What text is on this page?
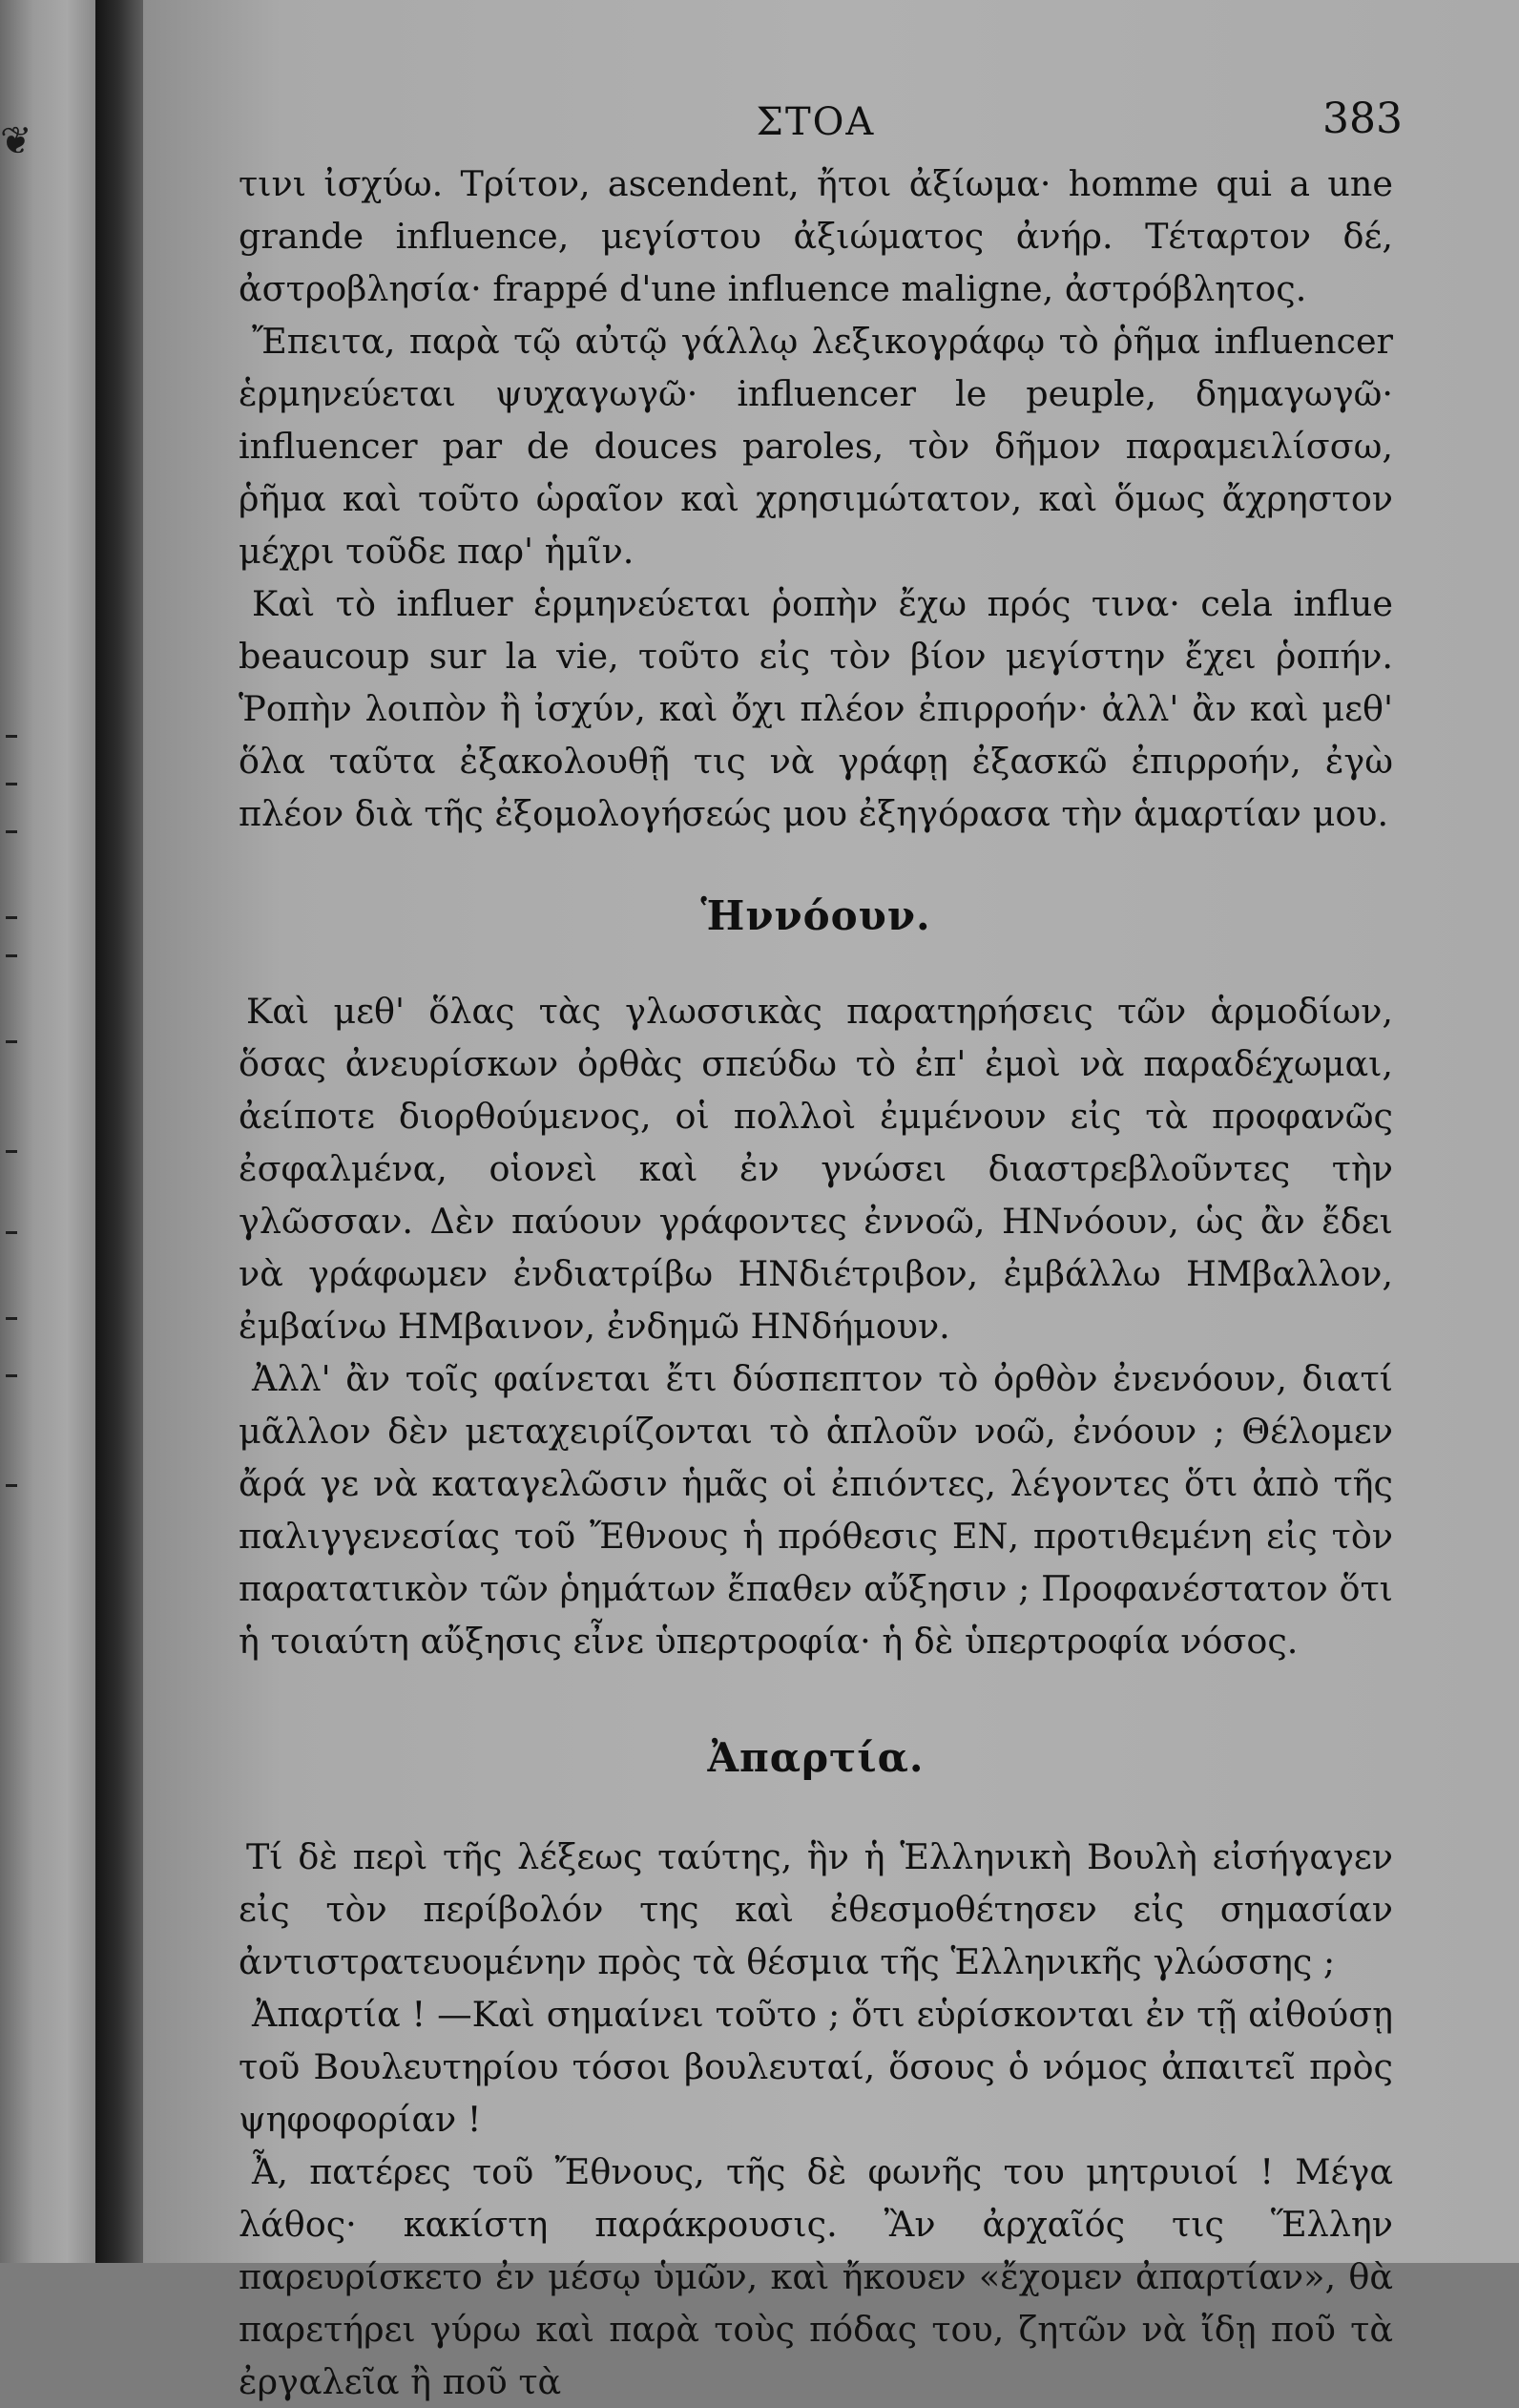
❦	ΣΤΟΑ	383

τινι ἰσχύω. Τρίτον, ascendent, ἤτοι ἀξίωμα· homme qui a une grande influence, μεγίστου ἀξιώματος ἀνήρ. Τέταρτον δέ, ἀστροβλησία· frappé d'une influence maligne, ἀστρόβλητος.

Ἔπειτα, παρὰ τῷ αὐτῷ γάλλῳ λεξικογράφῳ τὸ ῥῆμα influencer ἑρμηνεύεται ψυχαγωγῶ· influencer le peuple, δημαγωγῶ· influencer par de douces paroles, τὸν δῆμον παραμειλίσσω, ῥῆμα καὶ τοῦτο ὡραῖον καὶ χρησιμώτατον, καὶ ὅμως ἄχρηστον μέχρι τοῦδε παρ' ἡμῖν.

Καὶ τὸ influer ἑρμηνεύεται ῥοπὴν ἔχω πρός τινα· cela influe beaucoup sur la vie, τοῦτο εἰς τὸν βίον μεγίστην ἔχει ῥοπήν. Ῥοπὴν λοιπὸν ἢ ἰσχύν, καὶ ὄχι πλέον ἐπιρροήν· ἀλλ' ἂν καὶ μεθ' ὅλα ταῦτα ἐξακολουθῇ τις νὰ γράφῃ ἐξασκῶ ἐπιρροήν, ἐγὼ πλέον διὰ τῆς ἐξομολογήσεώς μου ἐξηγόρασα τὴν ἁμαρτίαν μου.

Ἡννόουν.

Καὶ μεθ' ὅλας τὰς γλωσσικὰς παρατηρήσεις τῶν ἁρμοδίων, ὅσας ἀνευρίσκων ὀρθὰς σπεύδω τὸ ἐπ' ἐμοὶ νὰ παραδέχωμαι, ἀείποτε διορθούμενος, οἱ πολλοὶ ἐμμένουν εἰς τὰ προφανῶς ἐσφαλμένα, οἱονεὶ καὶ ἐν γνώσει διαστρεβλοῦντες τὴν γλῶσσαν. Δὲν παύουν γράφοντες ἐννοῶ, ΗΝνόουν, ὡς ἂν ἔδει νὰ γράφωμεν ἐνδιατρίβω ΗΝδιέτριβον, ἐμβάλλω ΗΜβαλλον, ἐμβαίνω ΗΜβαινον, ἐνδημῶ ΗΝδήμουν.

Ἀλλ' ἂν τοῖς φαίνεται ἔτι δύσπεπτον τὸ ὀρθὸν ἐνενόουν, διατί μᾶλλον δὲν μεταχειρίζονται τὸ ἁπλοῦν νοῶ, ἐνόουν ; Θέλομεν ἄρά γε νὰ καταγελῶσιν ἡμᾶς οἱ ἐπιόντες, λέγοντες ὅτι ἀπὸ τῆς παλιγγενεσίας τοῦ Ἔθνους ἡ πρόθεσις ΕΝ, προτιθεμένη εἰς τὸν παρατατικὸν τῶν ῥημάτων ἔπαθεν αὔξησιν ; Προφανέστατον ὅτι ἡ τοιαύτη αὔξησις εἶνε ὑπερτροφία· ἡ δὲ ὑπερτροφία νόσος.

Ἀπαρτία.

Τί δὲ περὶ τῆς λέξεως ταύτης, ἣν ἡ Ἑλληνικὴ Βουλὴ εἰσήγαγεν εἰς τὸν περίβολόν της καὶ ἐθεσμοθέτησεν εἰς σημασίαν ἀντιστρατευομένην πρὸς τὰ θέσμια τῆς Ἑλληνικῆς γλώσσης ;

Ἀπαρτία ! —Καὶ σημαίνει τοῦτο ; ὅτι εὑρίσκονται ἐν τῇ αἰθούσῃ τοῦ Βουλευτηρίου τόσοι βουλευταί, ὅσους ὁ νόμος ἀπαιτεῖ πρὸς ψηφοφορίαν !

Ἆ, πατέρες τοῦ Ἔθνους, τῆς δὲ φωνῆς του μητρυιοί ! Μέγα λάθος· κακίστη παράκρουσις. Ἂν ἀρχαῖός τις Ἕλλην παρευρίσκετο ἐν μέσῳ ὑμῶν, καὶ ἤκουεν «ἔχομεν ἀπαρτίαν», θὰ παρετήρει γύρω καὶ παρὰ τοὺς πόδας του, ζητῶν νὰ ἴδῃ ποῦ τὰ ἐργαλεῖα ἢ ποῦ τὰ
